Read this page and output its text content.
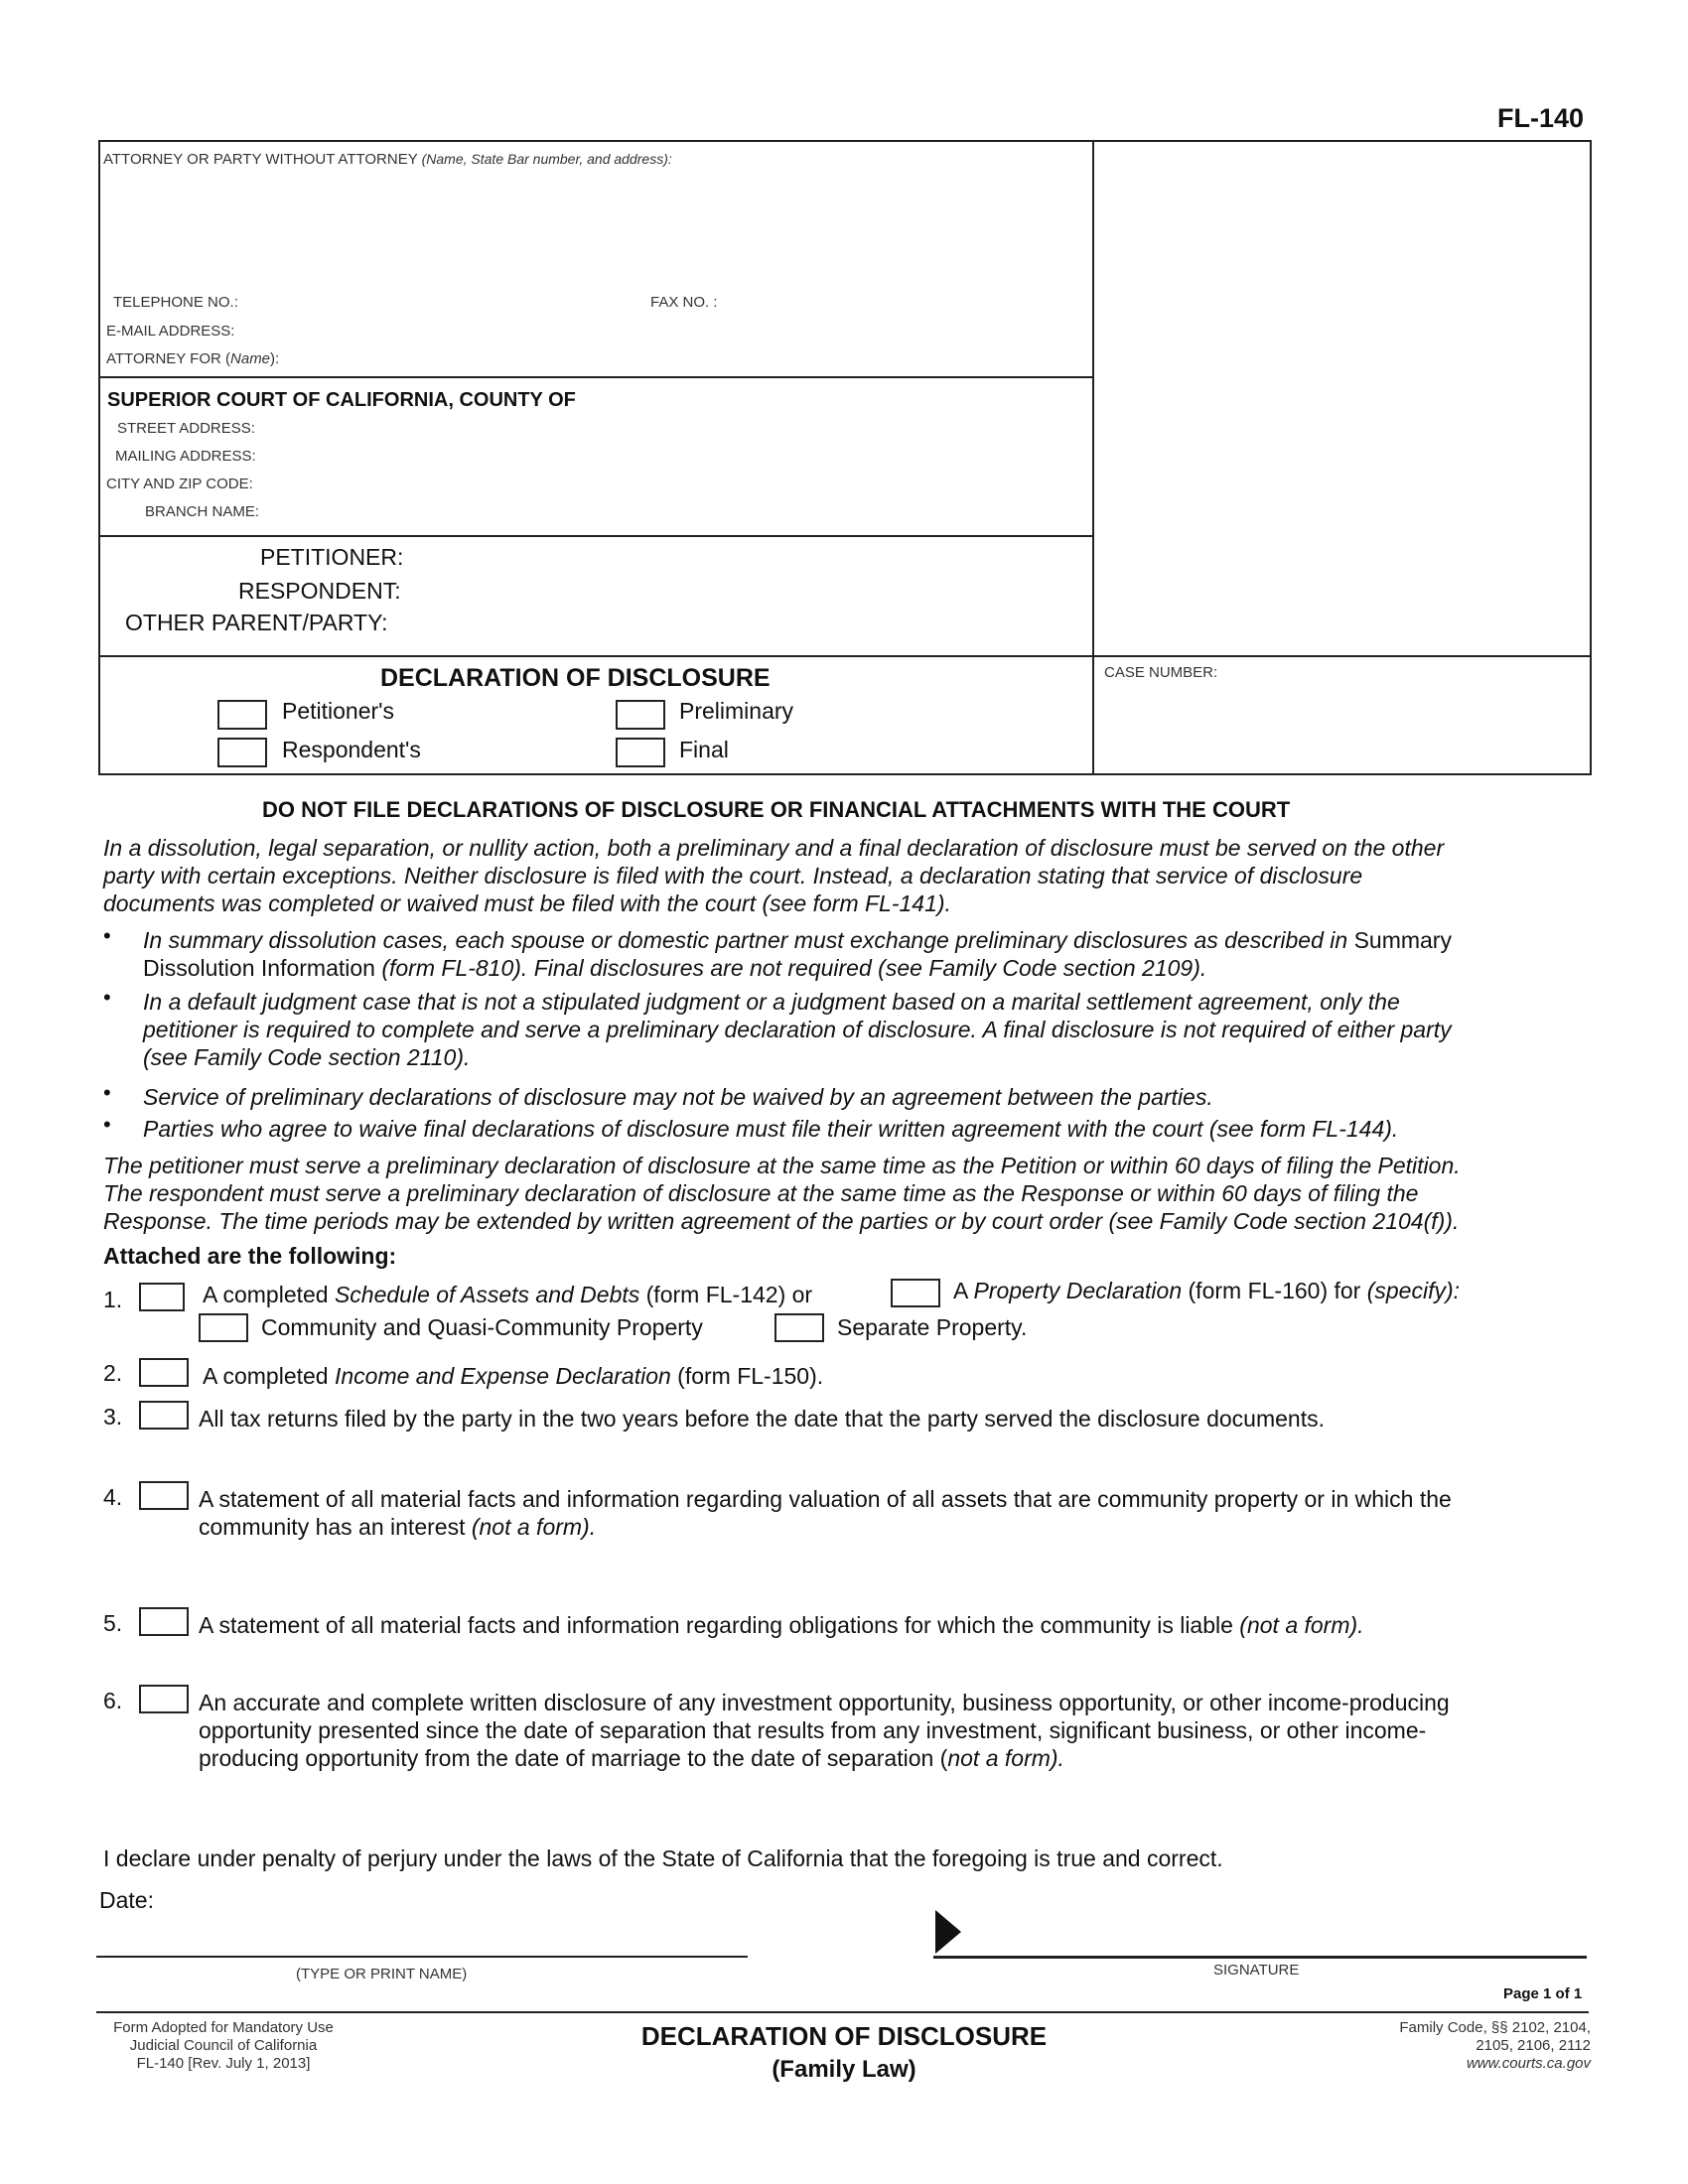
FL-140
ATTORNEY OR PARTY WITHOUT ATTORNEY (Name, State Bar number, and address):
TELEPHONE NO.:	FAX NO. :
E-MAIL ADDRESS:
ATTORNEY FOR (Name):
SUPERIOR COURT OF CALIFORNIA, COUNTY OF
STREET ADDRESS:
MAILING ADDRESS:
CITY AND ZIP CODE:
BRANCH NAME:
PETITIONER:
RESPONDENT:
OTHER PARENT/PARTY:
DECLARATION OF DISCLOSURE
Petitioner's
Respondent's
Preliminary
Final
CASE NUMBER:
DO NOT FILE DECLARATIONS OF DISCLOSURE OR FINANCIAL ATTACHMENTS WITH THE COURT
In a dissolution, legal separation, or nullity action, both a preliminary and a final declaration of disclosure must be served on the other
party with certain exceptions. Neither disclosure is filed with the court. Instead, a declaration stating that service of disclosure
documents was completed or waived must be filed with the court (see form FL-141).
• In summary dissolution cases, each spouse or domestic partner must exchange preliminary disclosures as described in Summary
Dissolution Information (form FL-810). Final disclosures are not required (see Family Code section 2109).
• In a default judgment case that is not a stipulated judgment or a judgment based on a marital settlement agreement, only the
petitioner is required to complete and serve a preliminary declaration of disclosure. A final disclosure is not required of either party
(see Family Code section 2110).
• Service of preliminary declarations of disclosure may not be waived by an agreement between the parties.
• Parties who agree to waive final declarations of disclosure must file their written agreement with the court (see form FL-144).
The petitioner must serve a preliminary declaration of disclosure at the same time as the Petition or within 60 days of filing the Petition.
The respondent must serve a preliminary declaration of disclosure at the same time as the Response or within 60 days of filing the
Response. The time periods may be extended by written agreement of the parties or by court order (see Family Code section 2104(f)).
Attached are the following:
1.	A completed Schedule of Assets and Debts (form FL-142) or	A Property Declaration (form FL-160) for (specify):
Community and Quasi-Community Property	Separate Property.
2.	A completed Income and Expense Declaration (form FL-150).
3.	All tax returns filed by the party in the two years before the date that the party served the disclosure documents.
4.	A statement of all material facts and information regarding valuation of all assets that are community property or in which the
community has an interest (not a form).
5.	A statement of all material facts and information regarding obligations for which the community is liable (not a form).
6.	An accurate and complete written disclosure of any investment opportunity, business opportunity, or other income-producing
opportunity presented since the date of separation that results from any investment, significant business, or other income-
producing opportunity from the date of marriage to the date of separation (not a form).
I declare under penalty of perjury under the laws of the State of California that the foregoing is true and correct.
Date:
(TYPE OR PRINT NAME)	SIGNATURE
Page 1 of 1
Form Adopted for Mandatory Use
Judicial Council of California
FL-140 [Rev. July 1, 2013]
DECLARATION OF DISCLOSURE
(Family Law)
Family Code, §§ 2102, 2104,
2105, 2106, 2112
www.courts.ca.gov
